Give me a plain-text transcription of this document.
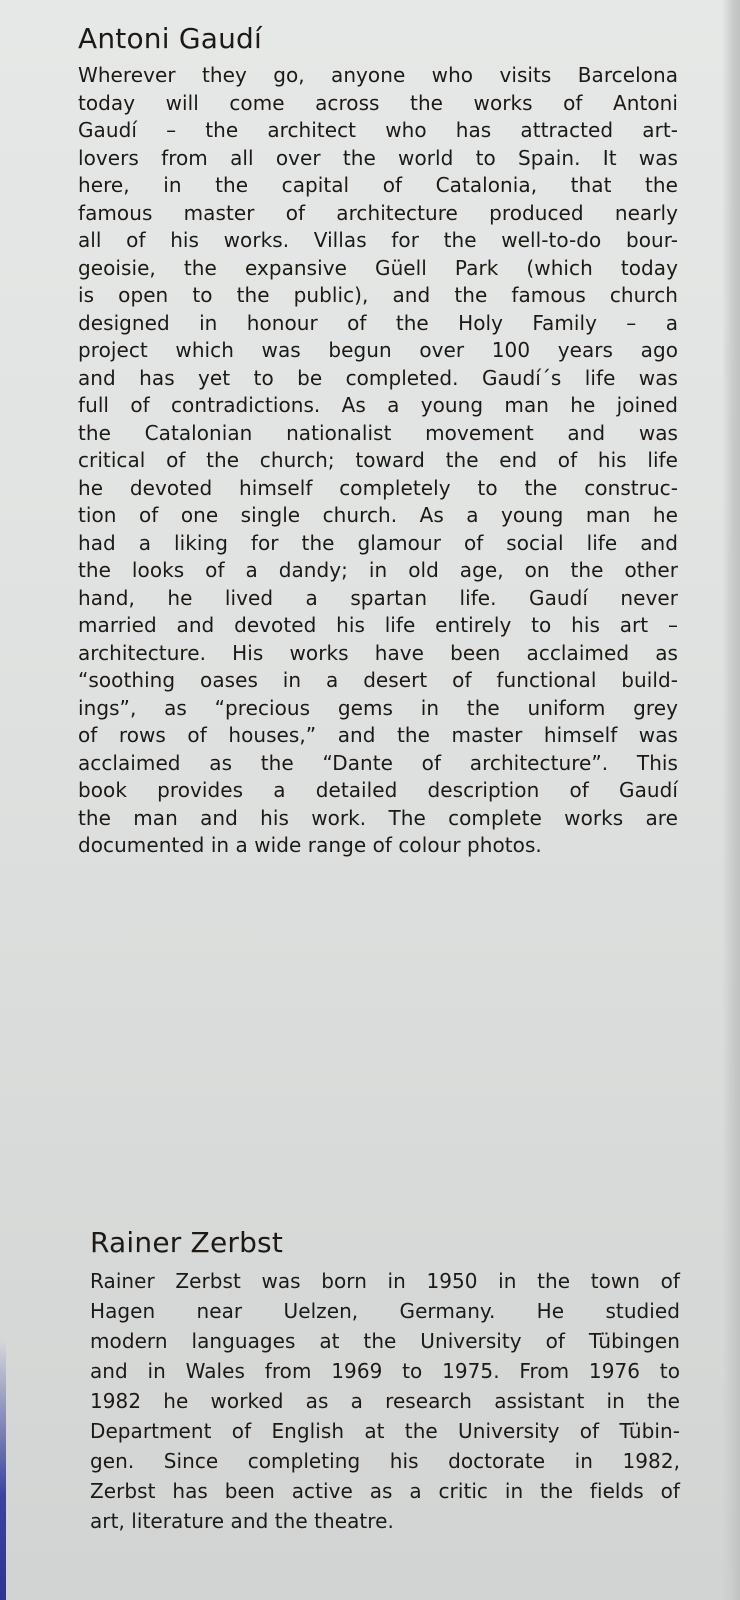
Antoni Gaudí
Wherever they go, anyone who visits Barcelona
today will come across the works of Antoni
Gaudí – the architect who has attracted art-
lovers from all over the world to Spain. It was
here, in the capital of Catalonia, that the
famous master of architecture produced nearly
all of his works. Villas for the well-to-do bour-
geoisie, the expansive Güell Park (which today
is open to the public), and the famous church
designed in honour of the Holy Family – a
project which was begun over 100 years ago
and has yet to be completed. Gaudí´s life was
full of contradictions. As a young man he joined
the Catalonian nationalist movement and was
critical of the church; toward the end of his life
he devoted himself completely to the construc-
tion of one single church. As a young man he
had a liking for the glamour of social life and
the looks of a dandy; in old age, on the other
hand, he lived a spartan life. Gaudí never
married and devoted his life entirely to his art –
architecture. His works have been acclaimed as
“soothing oases in a desert of functional build-
ings”, as “precious gems in the uniform grey
of rows of houses,” and the master himself was
acclaimed as the “Dante of architecture”. This
book provides a detailed description of Gaudí
the man and his work. The complete works are
documented in a wide range of colour photos.
Rainer Zerbst
Rainer Zerbst was born in 1950 in the town of
Hagen near Uelzen, Germany. He studied
modern languages at the University of Tübingen
and in Wales from 1969 to 1975. From 1976 to
1982 he worked as a research assistant in the
Department of English at the University of Tübin-
gen. Since completing his doctorate in 1982,
Zerbst has been active as a critic in the fields of
art, literature and the theatre.
